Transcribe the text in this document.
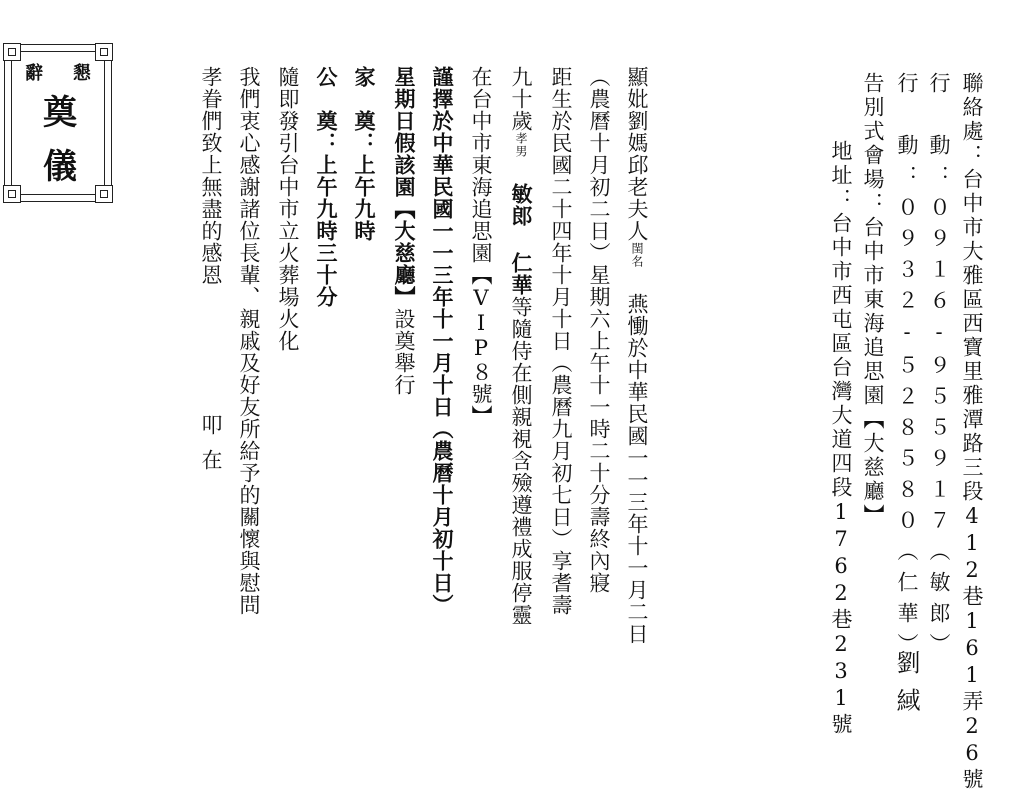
聯絡處：台中市大雅區西寶里雅潭路三段412巷161弄26號
行　動：０９１６-９５５９１７（敏郎）
行　動：０９３２-５２８５８０（仁華）
告別式會場：台中市東海追思園【大慈廳】
地址：台中市西屯區台灣大道四段1762巷231號 劉緎
顯妣劉媽邱老夫人閨名 燕慟於中華民國一一三年十一月二日
（農曆十月初二日）星期六上午十一時二十分壽終內寢
距生於民國二十四年十月十日（農曆九月初七日）享耆壽
九十歲孝男 敏郎 仁華等隨侍在側親視含殮遵禮成服停靈
在台中市東海追思園【VIP８號】
謹擇於中華民國一一三年十一月十日（農曆十月初十日）
星期日假該園【大慈廳】設奠舉行
家　奠：上午九時
公　奠：上午九時三十分
隨即發引台中市立火葬場火化
我們衷心感謝諸位長輩、親戚及好友所給予的關懷與慰問
孝眷們致上無盡的感恩
叩在
辭 懇
奠
儀
